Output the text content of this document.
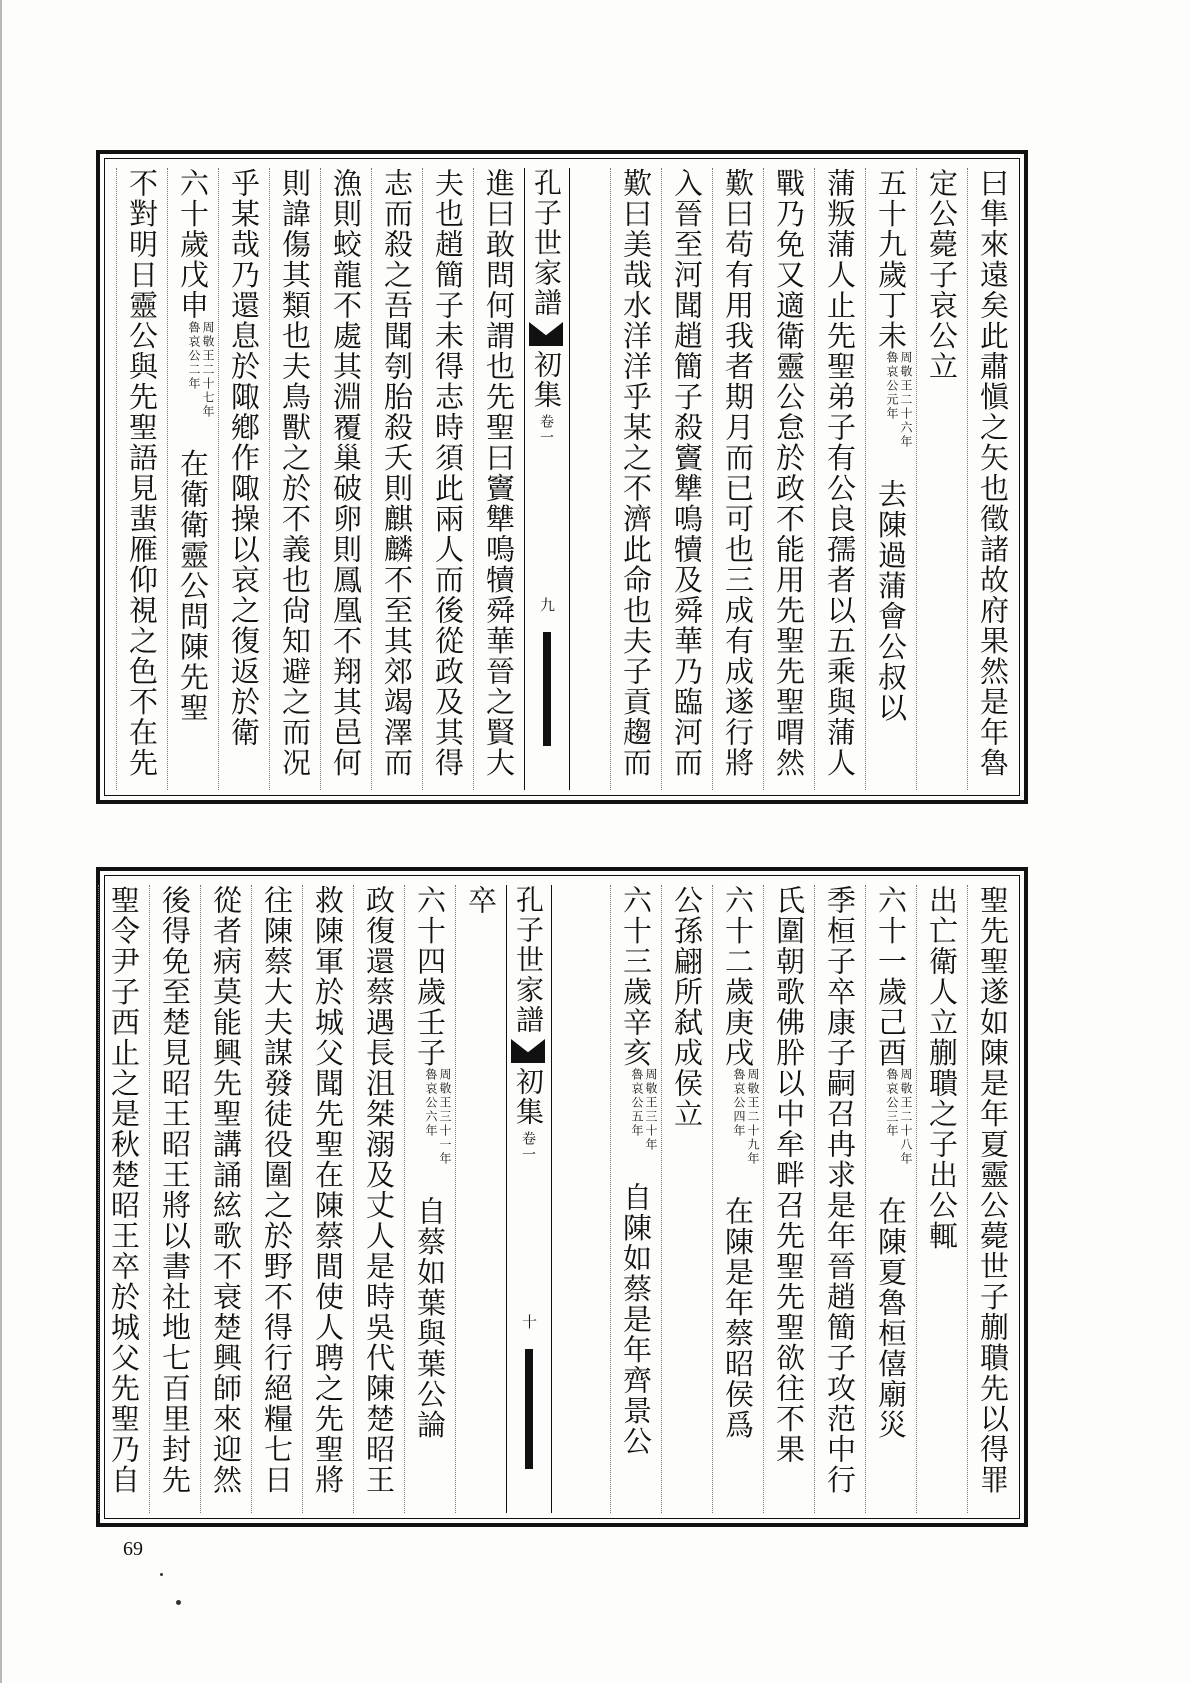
曰隼來遠矣此肅愼之矢也徵諸故府果然是年魯
定公薨子哀公立
五十九歲丁未
周敬王二十六年
魯哀公元年
去陳過蒲會公叔以
蒲叛蒲人止先聖弟子有公良孺者以五乘與蒲人
戰乃免又適衛靈公怠於政不能用先聖先聖喟然
歎曰苟有用我者期月而已可也三成有成遂行將
入晉至河聞趙簡子殺竇犨鳴犢及舜華乃臨河而
歎曰美哉水洋洋乎某之不濟此命也夫子貢趨而
進曰敢問何謂也先聖曰竇犨鳴犢舜華晉之賢大
夫也趙簡子未得志時須此兩人而後從政及其得
志而殺之吾聞刳胎殺夭則麒麟不至其郊竭澤而
漁則蛟龍不處其淵覆巢破卵則鳳凰不翔其邑何
則諱傷其類也夫鳥獸之於不義也尙知避之而况
乎某哉乃還息於陬鄕作陬操以哀之復返於衛
六十歲戊申
周敬王二十七年
魯哀公二年
在衛衛靈公問陳先聖
不對明日靈公與先聖語見蜚雁仰視之色不在先	孔子世家譜初集卷一
九
聖先聖遂如陳是年夏靈公薨世子蒯聵先以得罪
出亡衛人立蒯聵之子出公輒
六十一歲己酉
周敬王二十八年
魯哀公三年
在陳夏魯桓僖廟災
季桓子卒康子嗣召冉求是年晉趙簡子攻范中行
氏圍朝歌佛肸以中牟畔召先聖先聖欲往不果
六十二歲庚戌
周敬王二十九年
魯哀公四年
在陳是年蔡昭侯爲
公孫翩所弑成侯立
六十三歲辛亥
周敬王三十年
魯哀公五年
自陳如蔡是年齊景公
卒
六十四歲壬子
周敬王三十一年
魯哀公六年
自蔡如葉與葉公論
政復還蔡遇長沮桀溺及丈人是時吳代陳楚昭王
救陳軍於城父聞先聖在陳蔡間使人聘之先聖將
往陳蔡大夫謀發徒役圍之於野不得行絕糧七日
從者病莫能興先聖講誦絃歌不衰楚興師來迎然
後得免至楚見昭王昭王將以書社地七百里封先
聖令尹子西止之是秋楚昭王卒於城父先聖乃自	孔子世家譜初集卷一
十
69
